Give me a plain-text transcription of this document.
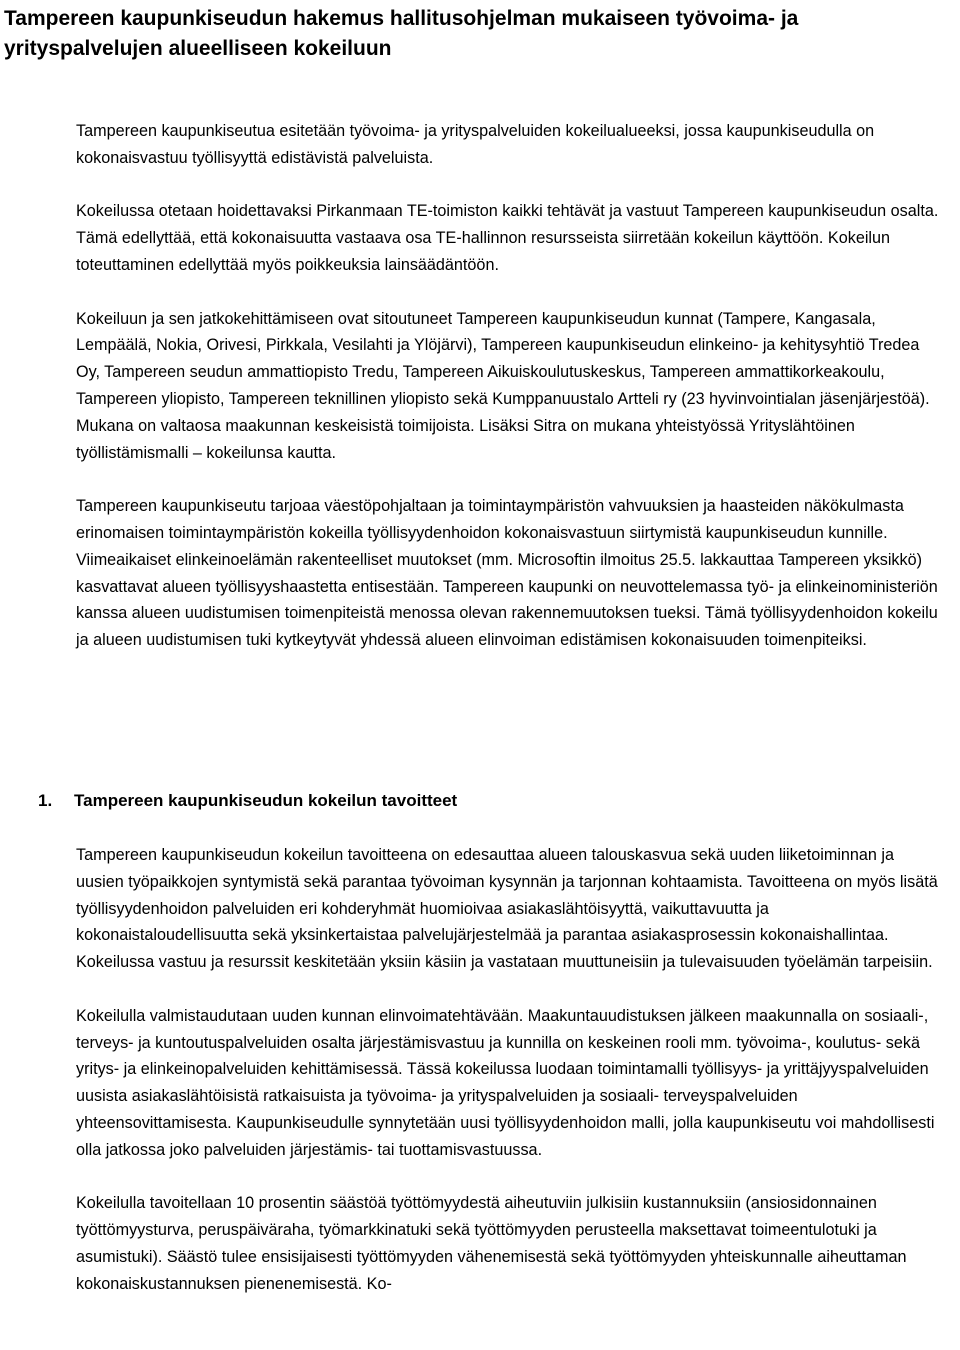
Tampereen kaupunkiseudun hakemus hallitusohjelman mukaiseen työvoima- ja yrityspalvelujen alueelliseen kokeiluun

Tampereen kaupunkiseutua esitetään työvoima- ja yrityspalveluiden kokeilualueeksi, jossa kaupunkiseudulla on kokonaisvastuu työllisyyttä edistävistä palveluista.

Kokeilussa otetaan hoidettavaksi Pirkanmaan TE-toimiston kaikki tehtävät ja vastuut Tampereen kaupunkiseudun osalta. Tämä edellyttää, että kokonaisuutta vastaava osa TE-hallinnon resursseista siirretään kokeilun käyttöön. Kokeilun toteuttaminen edellyttää myös poikkeuksia lainsäädäntöön.

Kokeiluun ja sen jatkokehittämiseen ovat sitoutuneet Tampereen kaupunkiseudun kunnat (Tampere, Kangasala, Lempäälä, Nokia, Orivesi, Pirkkala, Vesilahti ja Ylöjärvi), Tampereen kaupunkiseudun elinkeino- ja kehitysyhtiö Tredea Oy, Tampereen seudun ammattiopisto Tredu, Tampereen Aikuiskoulutuskeskus, Tampereen ammattikorkeakoulu, Tampereen yliopisto, Tampereen teknillinen yliopisto sekä Kumppanuustalo Artteli ry (23 hyvinvointialan jäsenjärjestöä). Mukana on valtaosa maakunnan keskeisistä toimijoista. Lisäksi Sitra on mukana yhteistyössä Yrityslähtöinen työllistämismalli – kokeilunsa kautta.

Tampereen kaupunkiseutu tarjoaa väestöpohjaltaan ja toimintaympäristön vahvuuksien ja haasteiden näkökulmasta erinomaisen toimintaympäristön kokeilla työllisyydenhoidon kokonaisvastuun siirtymistä kaupunkiseudun kunnille. Viimeaikaiset elinkeinoelämän rakenteelliset muutokset (mm. Microsoftin ilmoitus 25.5. lakkauttaa Tampereen yksikkö) kasvattavat alueen työllisyyshaastetta entisestään. Tampereen kaupunki on neuvottelemassa työ- ja elinkeinoministeriön kanssa alueen uudistumisen toimenpiteistä menossa olevan rakennemuutoksen tueksi. Tämä työllisyydenhoidon kokeilu ja alueen uudistumisen tuki kytkeytyvät yhdessä alueen elinvoiman edistämisen kokonaisuuden toimenpiteiksi.

1. Tampereen kaupunkiseudun kokeilun tavoitteet

Tampereen kaupunkiseudun kokeilun tavoitteena on edesauttaa alueen talouskasvua sekä uuden liiketoiminnan ja uusien työpaikkojen syntymistä sekä parantaa työvoiman kysynnän ja tarjonnan kohtaamista. Tavoitteena on myös lisätä työllisyydenhoidon palveluiden eri kohderyhmät huomioivaa asiakaslähtöisyyttä, vaikuttavuutta ja kokonaistaloudellisuutta sekä yksinkertaistaa palvelujärjestelmää ja parantaa asiakasprosessin kokonaishallintaa. Kokeilussa vastuu ja resurssit keskitetään yksiin käsiin ja vastataan muuttuneisiin ja tulevaisuuden työelämän tarpeisiin.

Kokeilulla valmistaudutaan uuden kunnan elinvoimatehtävään. Maakuntauudistuksen jälkeen maakunnalla on sosiaali-, terveys- ja kuntoutuspalveluiden osalta järjestämisvastuu ja kunnilla on keskeinen rooli mm. työvoima-, koulutus- sekä yritys- ja elinkeinopalveluiden kehittämisessä. Tässä kokeilussa luodaan toimintamalli työllisyys- ja yrittäjyyspalveluiden uusista asiakaslähtöisistä ratkaisuista ja työvoima- ja yrityspalveluiden ja sosiaali- terveyspalveluiden yhteensovittamisesta. Kaupunkiseudulle synnytetään uusi työllisyydenhoidon malli, jolla kaupunkiseutu voi mahdollisesti olla jatkossa joko palveluiden järjestämis- tai tuottamisvastuussa.

Kokeilulla tavoitellaan 10 prosentin säästöä työttömyydestä aiheutuviin julkisiin kustannuksiin (ansiosidonnainen työttömyysturva, peruspäiväraha, työmarkkinatuki sekä työttömyyden perusteella maksettavat toimeentulotuki ja asumistuki). Säästö tulee ensisijaisesti työttömyyden vähenemisestä sekä työttömyyden yhteiskunnalle aiheuttaman kokonaiskustannuksen pienenemisestä. Ko-
